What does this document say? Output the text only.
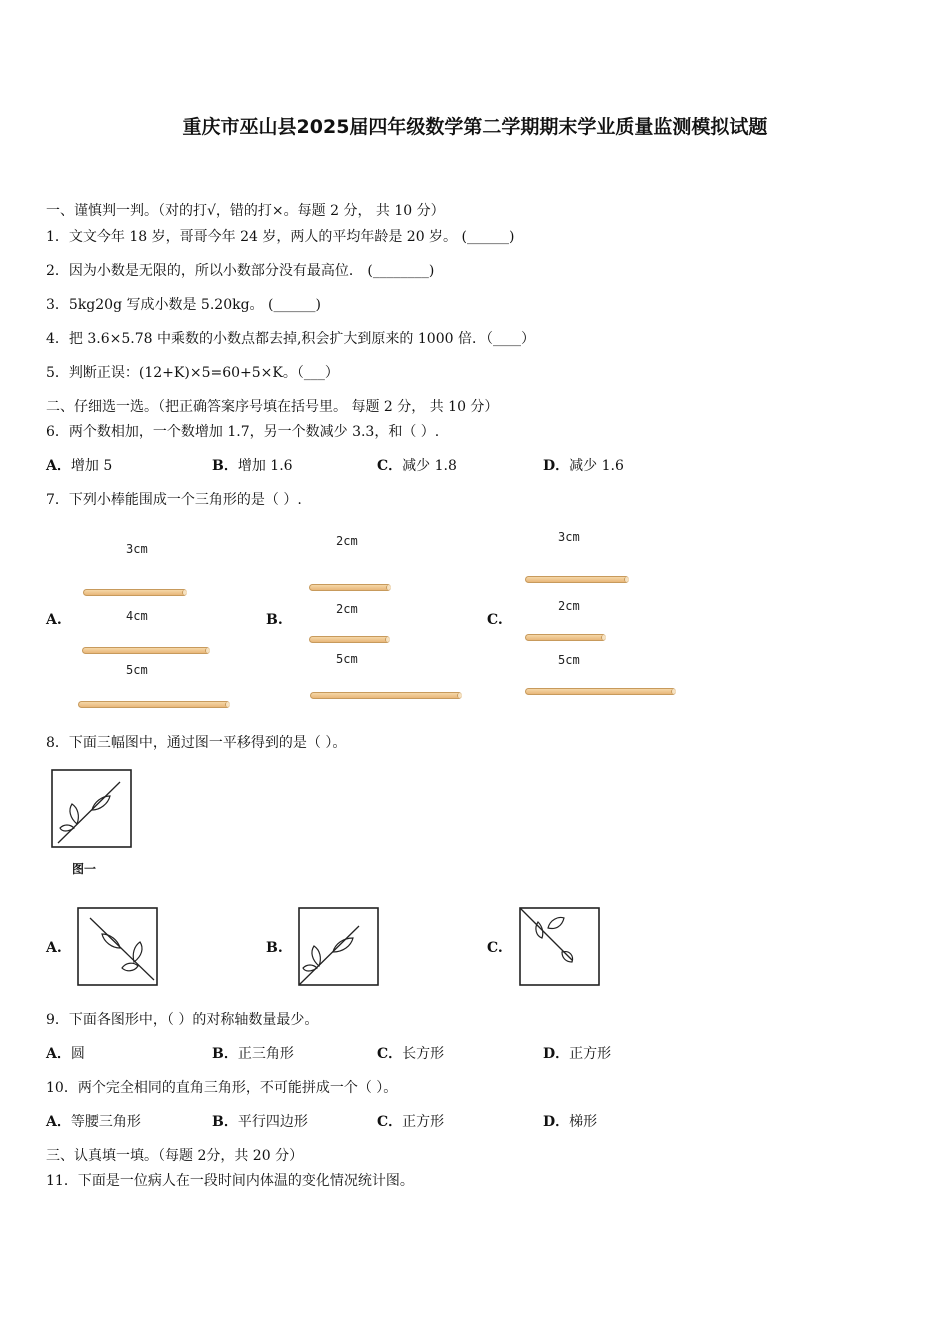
重庆市巫山县2025届四年级数学第二学期期末学业质量监测模拟试题
一、谨慎判一判。（对的打√，错的打×。每题 2 分， 共 10 分）
1．文文今年 18 岁，哥哥今年 24 岁，两人的平均年龄是 20 岁。 (______)
2．因为小数是无限的，所以小数部分没有最高位． (________)
3．5kg20g 写成小数是 5.20kg。 (______)
4．把 3.6×5.78 中乘数的小数点都去掉,积会扩大到原来的 1000 倍．（____）
5．判断正误：(12+K)×5=60+5×K。（___）
二、仔细选一选。（把正确答案序号填在括号里。 每题 2 分， 共 10 分）
6．两个数相加，一个数增加 1.7，另一个数减少 3.3，和（ ）.
A．增加 5	B．增加 1.6	C．减少 1.8	D．减少 1.6
7．下列小棒能围成一个三角形的是（ ）.
A.
3cm
4cm
5cm
B.
2cm
2cm
5cm
C.
3cm
2cm
5cm
8．下面三幅图中，通过图一平移得到的是（ ）。
图一
A.	B.	C.
9．下面各图形中，（ ）的对称轴数量最少。
A．圆	B．正三角形	C．长方形	D．正方形
10．两个完全相同的直角三角形，不可能拼成一个（ ）。
A．等腰三角形	B．平行四边形	C．正方形	D．梯形
三、认真填一填。（每题 2分，共 20 分）
11．下面是一位病人在一段时间内体温的变化情况统计图。
